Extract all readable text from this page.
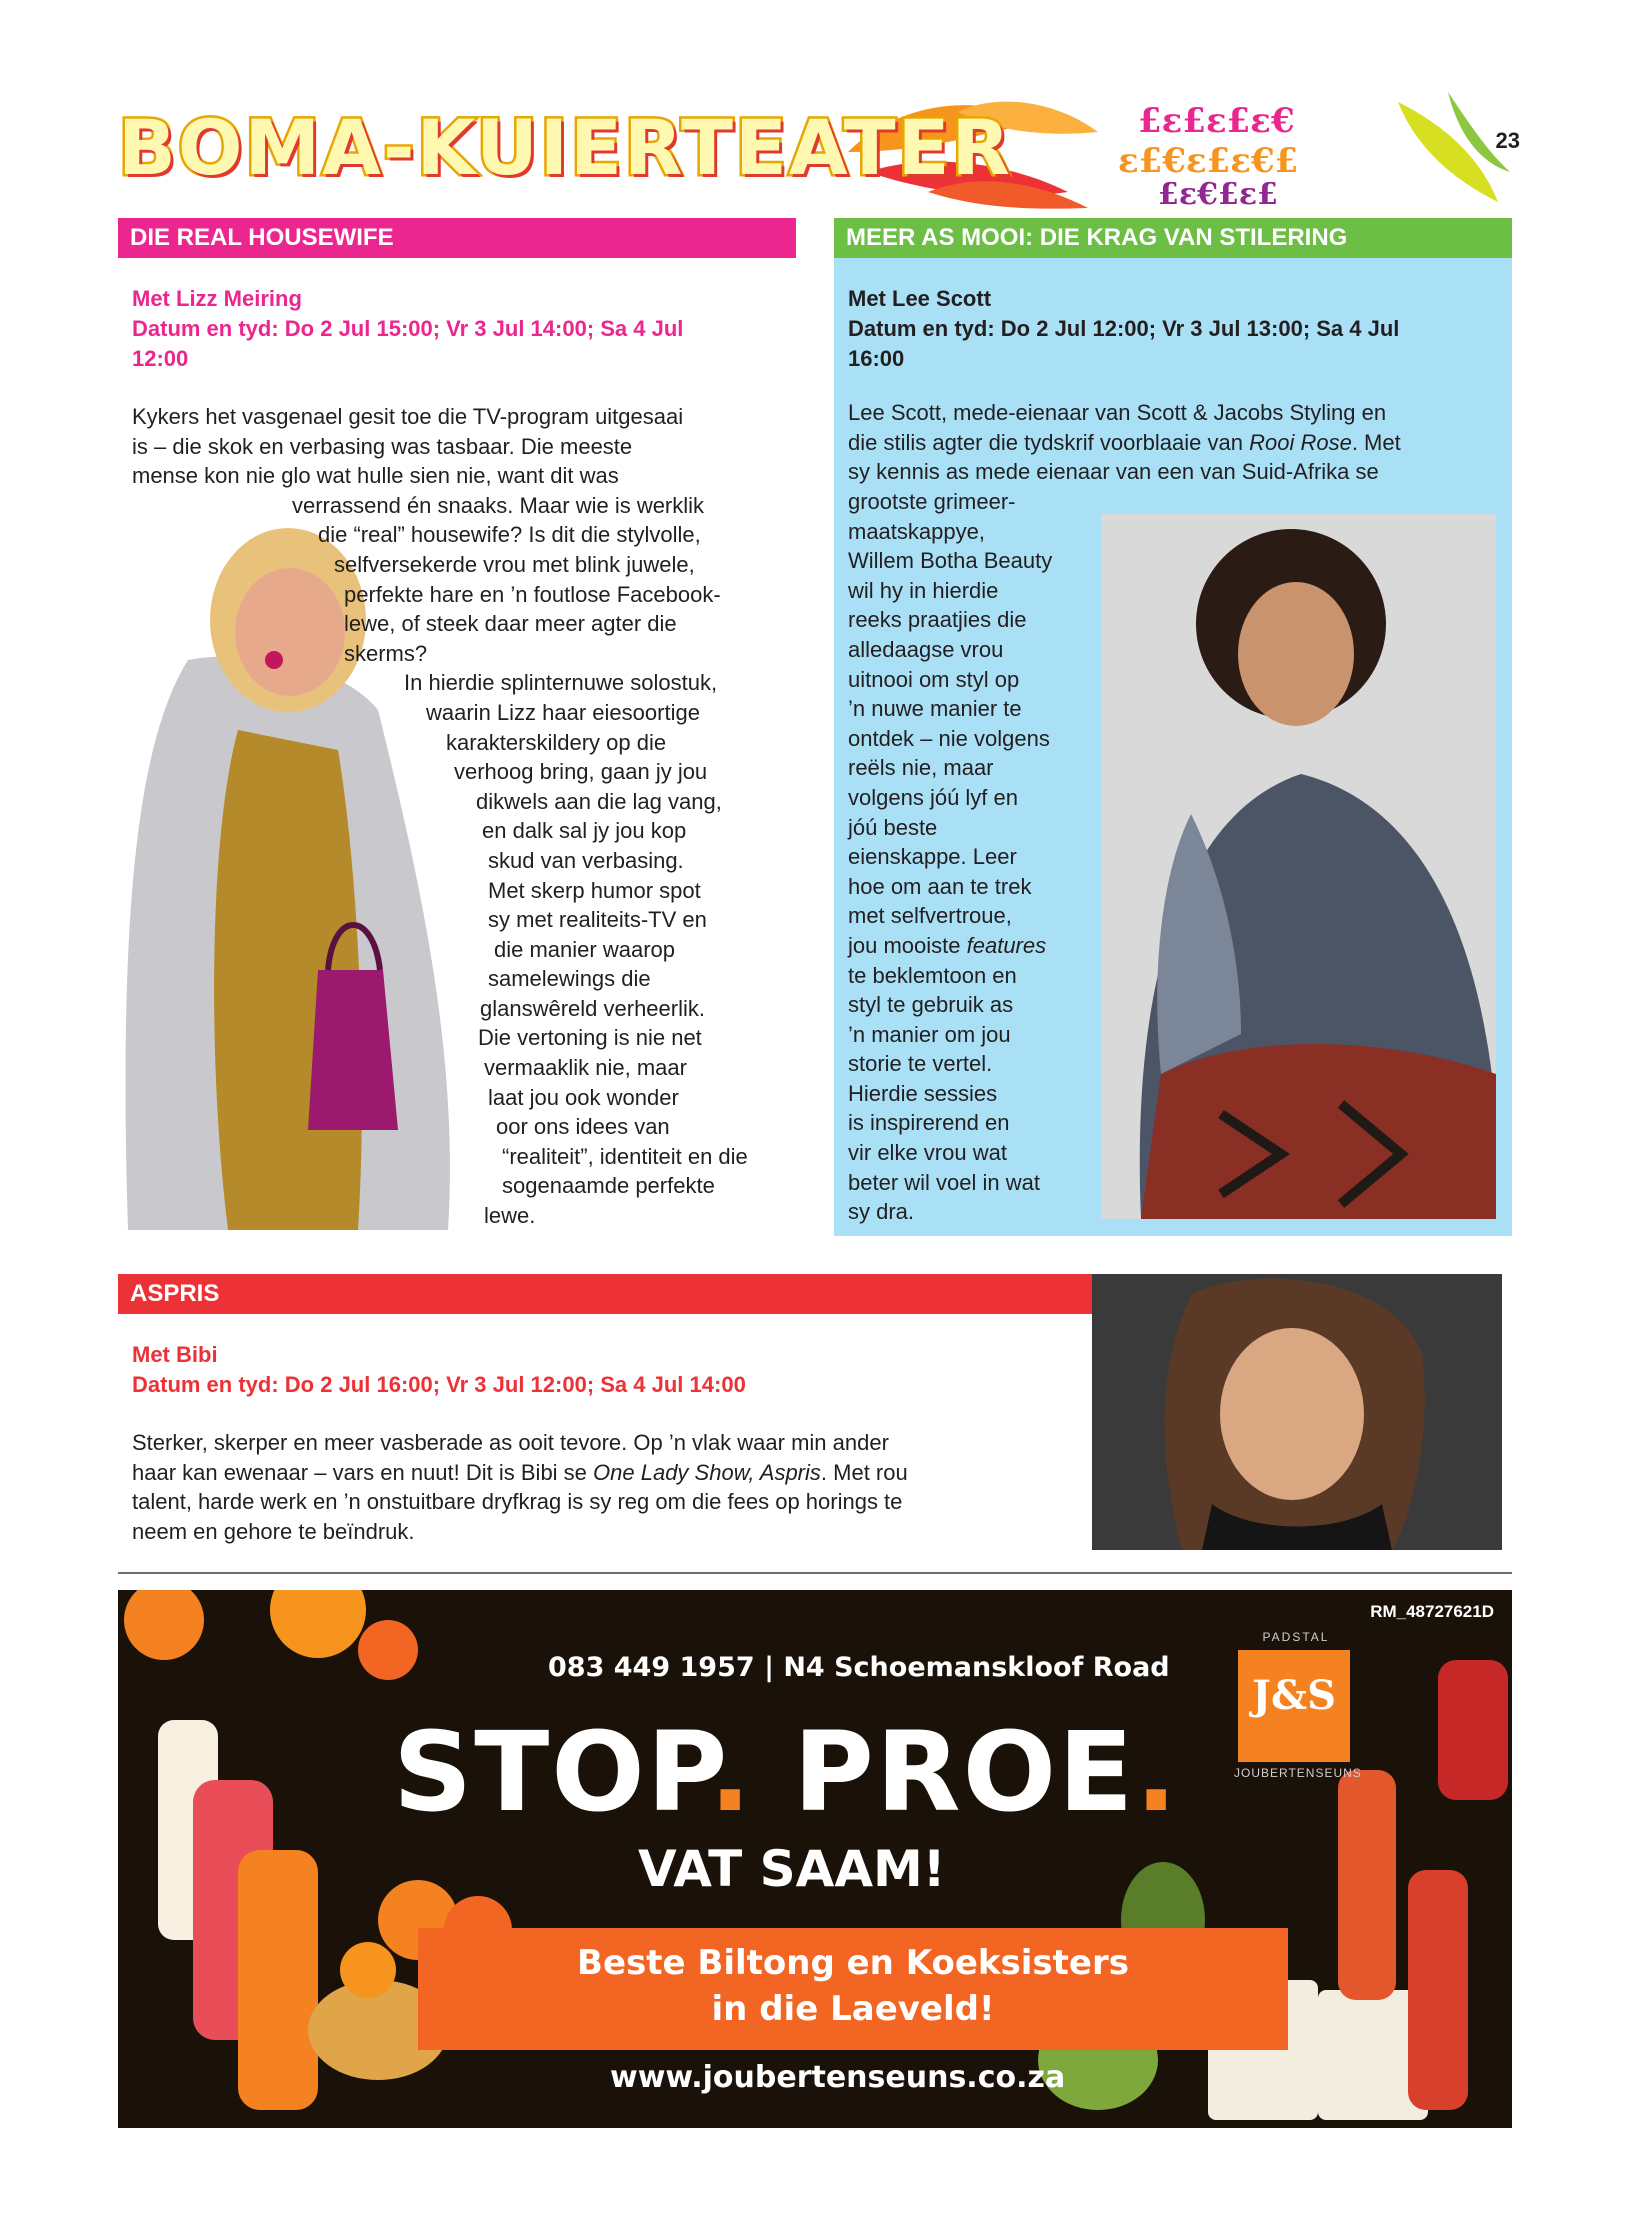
£ε£ε£ε€
ε£€ε£ε€£
£ε€£ε£
BOMA-KUIERTEATER	23
DIE REAL HOUSEWIFE
Met Lizz Meiring
Datum en tyd: Do 2 Jul 15:00; Vr 3 Jul 14:00; Sa 4 Jul
12:00
Kykers het vasgenael gesit toe die TV-program uitgesaai
is – die skok en verbasing was tasbaar. Die meeste
mense kon nie glo wat hulle sien nie, want dit was
verrassend én snaaks. Maar wie is werklik
die “real” housewife? Is dit die stylvolle,
selfversekerde vrou met blink juwele,
perfekte hare en ’n foutlose Facebook-
lewe, of steek daar meer agter die
skerms?
In hierdie splinternuwe solostuk,
waarin Lizz haar eiesoortige
karakterskildery op die
verhoog bring, gaan jy jou
dikwels aan die lag vang,
en dalk sal jy jou kop
skud van verbasing.
Met skerp humor spot
sy met realiteits-TV en
die manier waarop
samelewings die
glanswêreld verheerlik.
Die vertoning is nie net
vermaaklik nie, maar
laat jou ook wonder
oor ons idees van
“realiteit”, identiteit en die
sogenaamde perfekte
lewe.
MEER AS MOOI: DIE KRAG VAN STILERING
Met Lee Scott
Datum en tyd: Do 2 Jul 12:00; Vr 3 Jul 13:00; Sa 4 Jul
16:00

Lee Scott, mede-eienaar van Scott & Jacobs Styling en

die stilis agter die tydskrif voorblaaie van Rooi Rose. Met

sy kennis as mede eienaar van een van Suid-Afrika se

grootste grimeer-

maatskappye,

Willem Botha Beauty

wil hy in hierdie

reeks praatjies die

alledaagse vrou

uitnooi om styl op

’n nuwe manier te

ontdek – nie volgens

reëls nie, maar

volgens jóú lyf en

jóú beste

eienskappe. Leer

hoe om aan te trek

met selfvertroue,

jou mooiste features

te beklemtoon en

styl te gebruik as

’n manier om jou

storie te vertel.

Hierdie sessies

is inspirerend en

vir elke vrou wat

beter wil voel in wat

sy dra.

ASPRIS
Met Bibi
Datum en tyd: Do 2 Jul 16:00; Vr 3 Jul 12:00; Sa 4 Jul 14:00

Sterker, skerper en meer vasberade as ooit tevore. Op ’n vlak waar min ander

haar kan ewenaar – vars en nuut! Dit is Bibi se One Lady Show, Aspris. Met rou

talent, harde werk en ’n onstuitbare dryfkrag is sy reg om die fees op horings te

neem en gehore te beïndruk.

RM_48727621D
083 449 1957 | N4 Schoemanskloof Road
STOP. PROE.
VAT SAAM!
Beste Biltong en Koeksisters
in die Laeveld!
www.joubertenseuns.co.za
PADSTAL
J&S
JOUBERTENSEUNS
